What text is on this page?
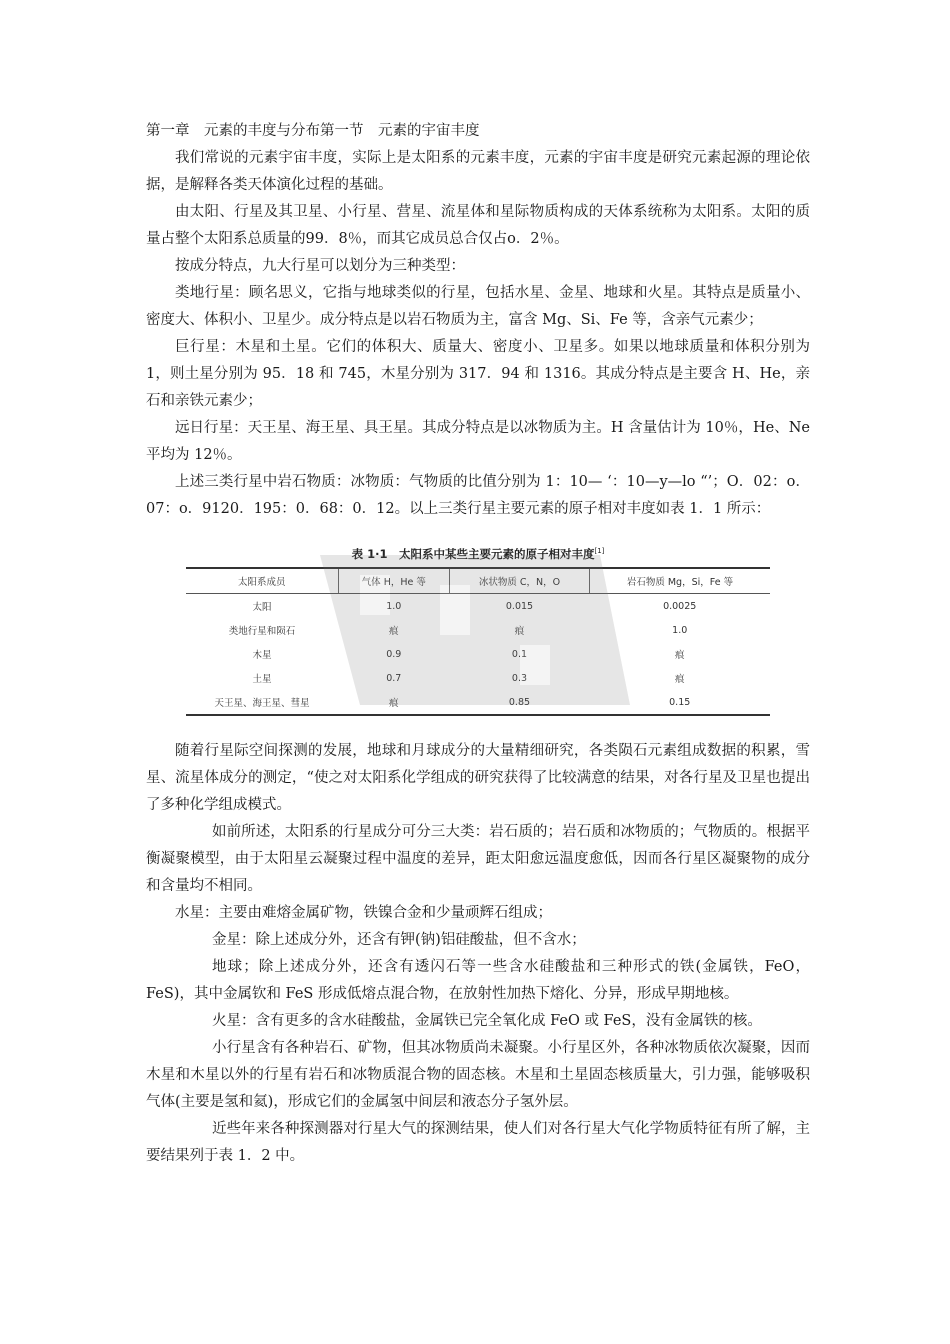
第一章　元素的丰度与分布第一节　元素的宇宙丰度

我们常说的元素宇宙丰度，实际上是太阳系的元素丰度，元素的宇宙丰度是研究元素起源的理论依据，是解释各类天体演化过程的基础。

由太阳、行星及其卫星、小行星、营星、流星体和星际物质构成的天体系统称为太阳系。太阳的质量占整个太阳系总质量的99．8％，而其它成员总合仅占o．2％。

按成分特点，九大行星可以划分为三种类型：

类地行星：顾名思义，它指与地球类似的行星，包括水星、金星、地球和火星。其特点是质量小、密度大、体积小、卫星少。成分特点是以岩石物质为主，富含 Mg、Si、Fe 等，含亲气元素少；

巨行星：木星和土星。它们的体积大、质量大、密度小、卫星多。如果以地球质量和体积分别为 1，则土星分别为 95．18 和 745，木星分别为 317．94 和 1316。其成分特点是主要含 H、He，亲石和亲铁元素少；

远日行星：天王星、海王星、具王星。其成分特点是以冰物质为主。H 含量估计为 10％，He、Ne 平均为 12％。

上述三类行星中岩石物质：冰物质：气物质的比值分别为 1：10— ‘：10—y—lo “’；O．02：o．07：o．9120．195：0．68：0．12。以上三类行星主要元素的原子相对丰度如表 1．1 所示：

表 1·1　太阳系中某些主要元素的原子相对丰度[1]
太阳系成员	气体 H，He 等	冰状物质 C，N，O	岩石物质 Mg，Si，Fe 等
太阳	1.0	0.015	0.0025
类地行星和陨石	痕	痕	1.0
木星	0.9	0.1	痕
土星	0.7	0.3	痕
天王星、海王星、彗星	痕	0.85	0.15

随着行星际空间探测的发展，地球和月球成分的大量精细研究，各类陨石元素组成数据的积累，雪星、流星体成分的测定，“使之对太阳系化学组成的研究获得了比较满意的结果，对各行星及卫星也提出了多种化学组成模式。

如前所述，太阳系的行星成分可分三大类：岩石质的；岩石质和冰物质的；气物质的。根据平衡凝聚模型，由于太阳星云凝聚过程中温度的差异，距太阳愈远温度愈低，因而各行星区凝聚物的成分和含量均不相同。

水星：主要由难熔金属矿物，铁镍合金和少量顽辉石组成；

金星：除上述成分外，还含有钾(钠)铝硅酸盐，但不含水；

地球；除上述成分外，还含有透闪石等一些含水硅酸盐和三种形式的铁(金属铁，FeO，FeS)，其中金属钦和 FeS 形成低熔点混合物，在放射性加热下熔化、分异，形成早期地核。

火星：含有更多的含水硅酸盐，金属铁已完全氧化成 FeO 或 FeS，没有金属铁的核。

小行星含有各种岩石、矿物，但其冰物质尚未凝聚。小行星区外，各种冰物质依次凝聚，因而木星和木星以外的行星有岩石和冰物质混合物的固态核。木星和土星固态核质量大，引力强，能够吸积气体(主要是氢和氦)，形成它们的金属氢中间层和液态分子氢外层。

近些年来各种探测器对行星大气的探测结果，使人们对各行星大气化学物质特征有所了解，主要结果列于表 1．2 中。
